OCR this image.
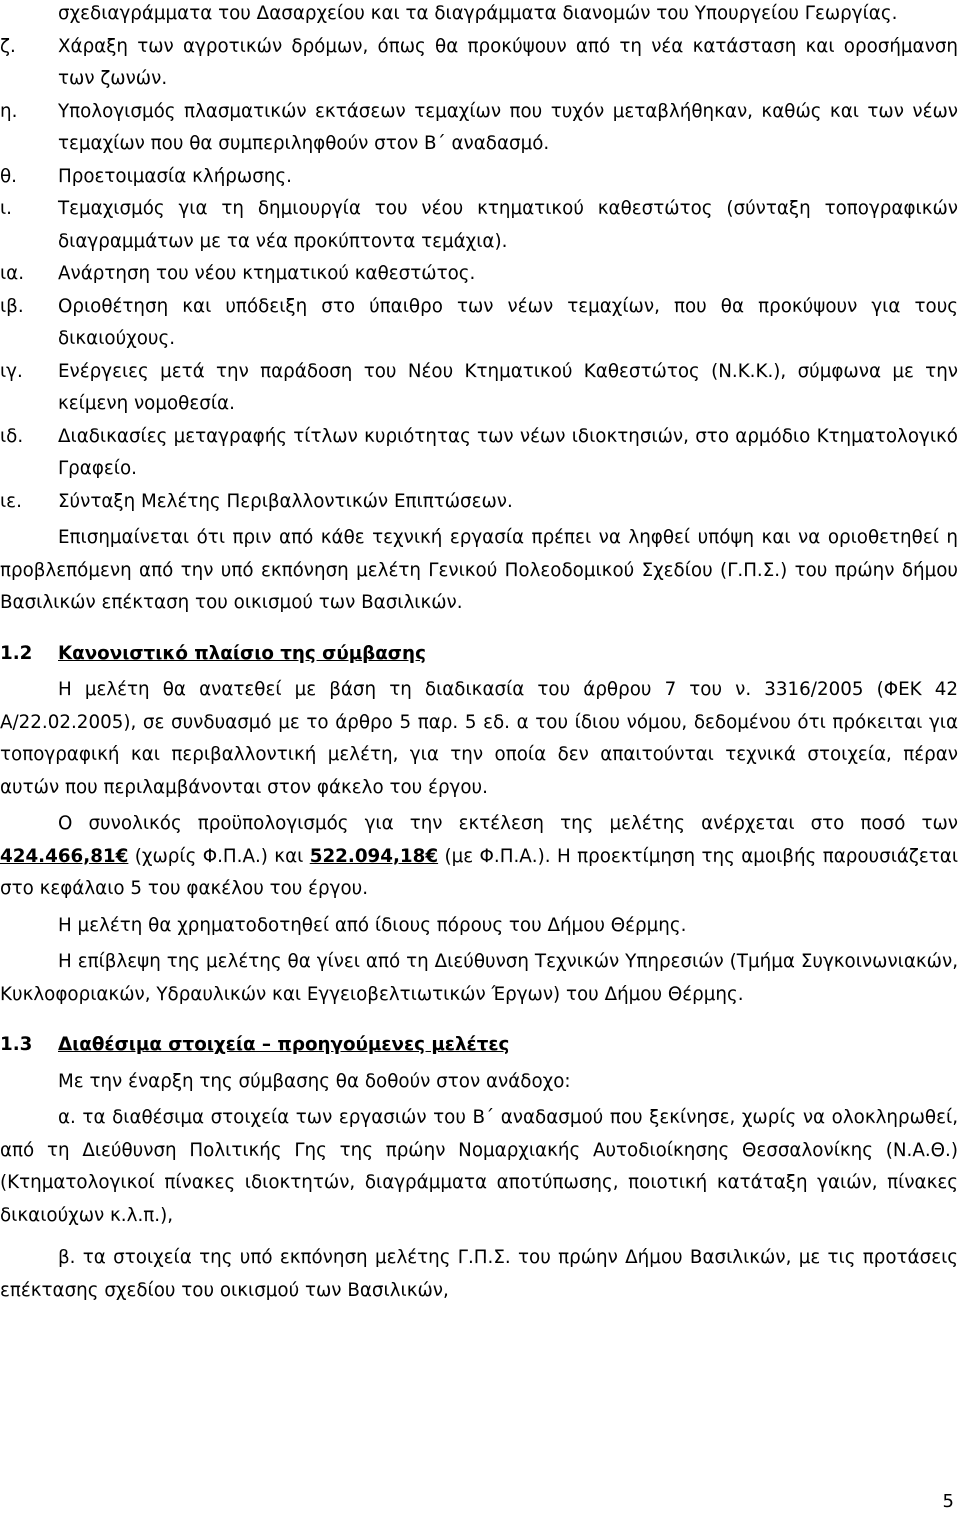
σχεδιαγράμματα του Δασαρχείου και τα διαγράμματα διανομών του Υπουργείου Γεωργίας.
ζ.	Χάραξη των αγροτικών δρόμων, όπως θα προκύψουν από τη νέα κατάσταση και οροσήμανση των ζωνών.
η.	Υπολογισμός πλασματικών εκτάσεων τεμαχίων που τυχόν μεταβλήθηκαν, καθώς και των νέων τεμαχίων που θα συμπεριληφθούν στον Β΄ αναδασμό.
θ.	Προετοιμασία κλήρωσης.
ι.	Τεμαχισμός για τη δημιουργία του νέου κτηματικού καθεστώτος (σύνταξη τοπογραφικών διαγραμμάτων με τα νέα προκύπτοντα τεμάχια).
ια.	Ανάρτηση του νέου κτηματικού καθεστώτος.
ιβ.	Οριοθέτηση και υπόδειξη στο ύπαιθρο των νέων τεμαχίων, που θα προκύψουν για τους δικαιούχους.
ιγ.	Ενέργειες μετά την παράδοση του Νέου Κτηματικού Καθεστώτος (Ν.Κ.Κ.), σύμφωνα με την κείμενη νομοθεσία.
ιδ.	Διαδικασίες μεταγραφής τίτλων κυριότητας των νέων ιδιοκτησιών, στο αρμόδιο Κτηματολογικό Γραφείο.
ιε.	Σύνταξη Μελέτης Περιβαλλοντικών Επιπτώσεων.
Επισημαίνεται ότι πριν από κάθε τεχνική εργασία πρέπει να ληφθεί υπόψη και να οριοθετηθεί η προβλεπόμενη από την υπό εκπόνηση μελέτη Γενικού Πολεοδομικού Σχεδίου (Γ.Π.Σ.) του πρώην δήμου Βασιλικών επέκταση του οικισμού των Βασιλικών.
1.2	Κανονιστικό πλαίσιο της σύμβασης
Η μελέτη θα ανατεθεί με βάση τη διαδικασία του άρθρου 7 του ν. 3316/2005 (ΦΕΚ 42 Α/22.02.2005), σε συνδυασμό με το άρθρο 5 παρ. 5 εδ. α του ίδιου νόμου, δεδομένου ότι πρόκειται για τοπογραφική και περιβαλλοντική μελέτη, για την οποία δεν απαιτούνται τεχνικά στοιχεία, πέραν αυτών που περιλαμβάνονται στον φάκελο του έργου.
Ο συνολικός προϋπολογισμός για την εκτέλεση της μελέτης ανέρχεται στο ποσό των 424.466,81€ (χωρίς Φ.Π.Α.) και 522.094,18€ (με Φ.Π.Α.). Η προεκτίμηση της αμοιβής παρουσιάζεται στο κεφάλαιο 5 του φακέλου του έργου.
Η μελέτη θα χρηματοδοτηθεί από ίδιους πόρους του Δήμου Θέρμης.
Η επίβλεψη της μελέτης θα γίνει από τη Διεύθυνση Τεχνικών Υπηρεσιών (Τμήμα Συγκοινωνιακών, Κυκλοφοριακών, Υδραυλικών και Εγγειοβελτιωτικών Έργων) του Δήμου Θέρμης.
1.3	Διαθέσιμα στοιχεία – προηγούμενες μελέτες
Με την έναρξη της σύμβασης θα δοθούν στον ανάδοχο:
α. τα διαθέσιμα στοιχεία των εργασιών του Β΄ αναδασμού που ξεκίνησε, χωρίς να ολοκληρωθεί, από τη Διεύθυνση Πολιτικής Γης της πρώην Νομαρχιακής Αυτοδιοίκησης Θεσσαλονίκης (Ν.Α.Θ.) (Κτηματολογικοί πίνακες ιδιοκτητών, διαγράμματα αποτύπωσης, ποιοτική κατάταξη γαιών, πίνακες δικαιούχων κ.λ.π.),
β. τα στοιχεία της υπό εκπόνηση μελέτης Γ.Π.Σ. του πρώην Δήμου Βασιλικών, με τις προτάσεις επέκτασης σχεδίου του οικισμού των Βασιλικών,
5
